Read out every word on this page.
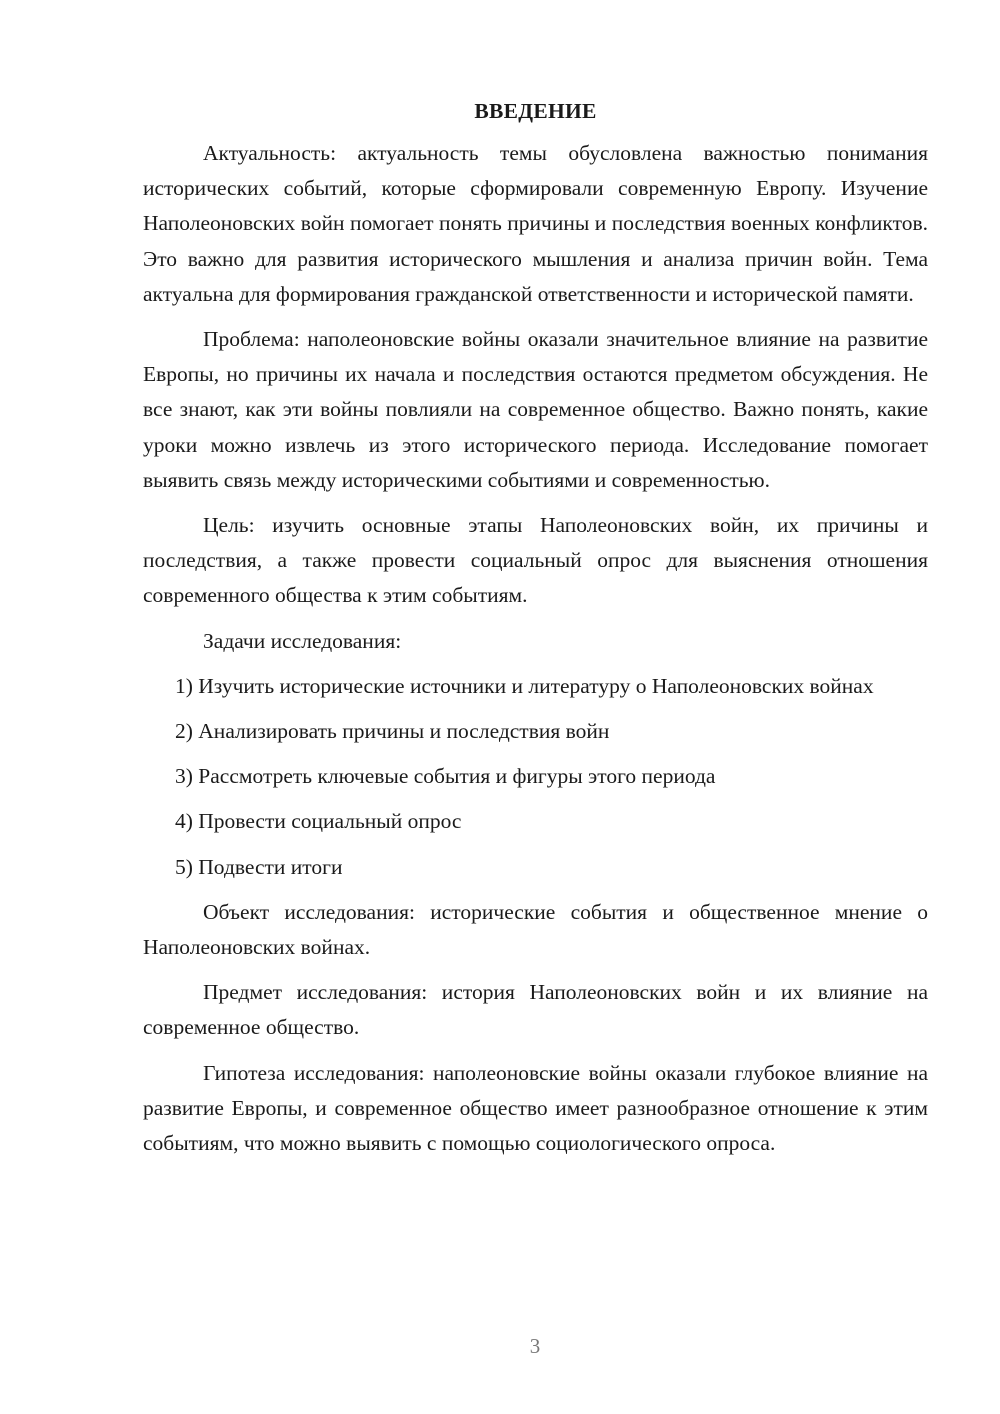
ВВЕДЕНИЕ

Актуальность: актуальность темы обусловлена важностью понимания исторических событий, которые сформировали современную Европу. Изучение Наполеоновских войн помогает понять причины и последствия военных конфликтов. Это важно для развития исторического мышления и анализа причин войн. Тема актуальна для формирования гражданской ответственности и исторической памяти.

Проблема: наполеоновские войны оказали значительное влияние на развитие Европы, но причины их начала и последствия остаются предметом обсуждения. Не все знают, как эти войны повлияли на современное общество. Важно понять, какие уроки можно извлечь из этого исторического периода. Исследование помогает выявить связь между историческими событиями и современностью.

Цель: изучить основные этапы Наполеоновских войн, их причины и последствия, а также провести социальный опрос для выяснения отношения современного общества к этим событиям.

Задачи исследования:

1) Изучить исторические источники и литературу о Наполеоновских войнах
2) Анализировать причины и последствия войн
3) Рассмотреть ключевые события и фигуры этого периода
4) Провести социальный опрос
5) Подвести итоги

Объект исследования: исторические события и общественное мнение о Наполеоновских войнах.

Предмет исследования: история Наполеоновских войн и их влияние на современное общество.

Гипотеза исследования: наполеоновские войны оказали глубокое влияние на развитие Европы, и современное общество имеет разнообразное отношение к этим событиям, что можно выявить с помощью социологического опроса.

3
